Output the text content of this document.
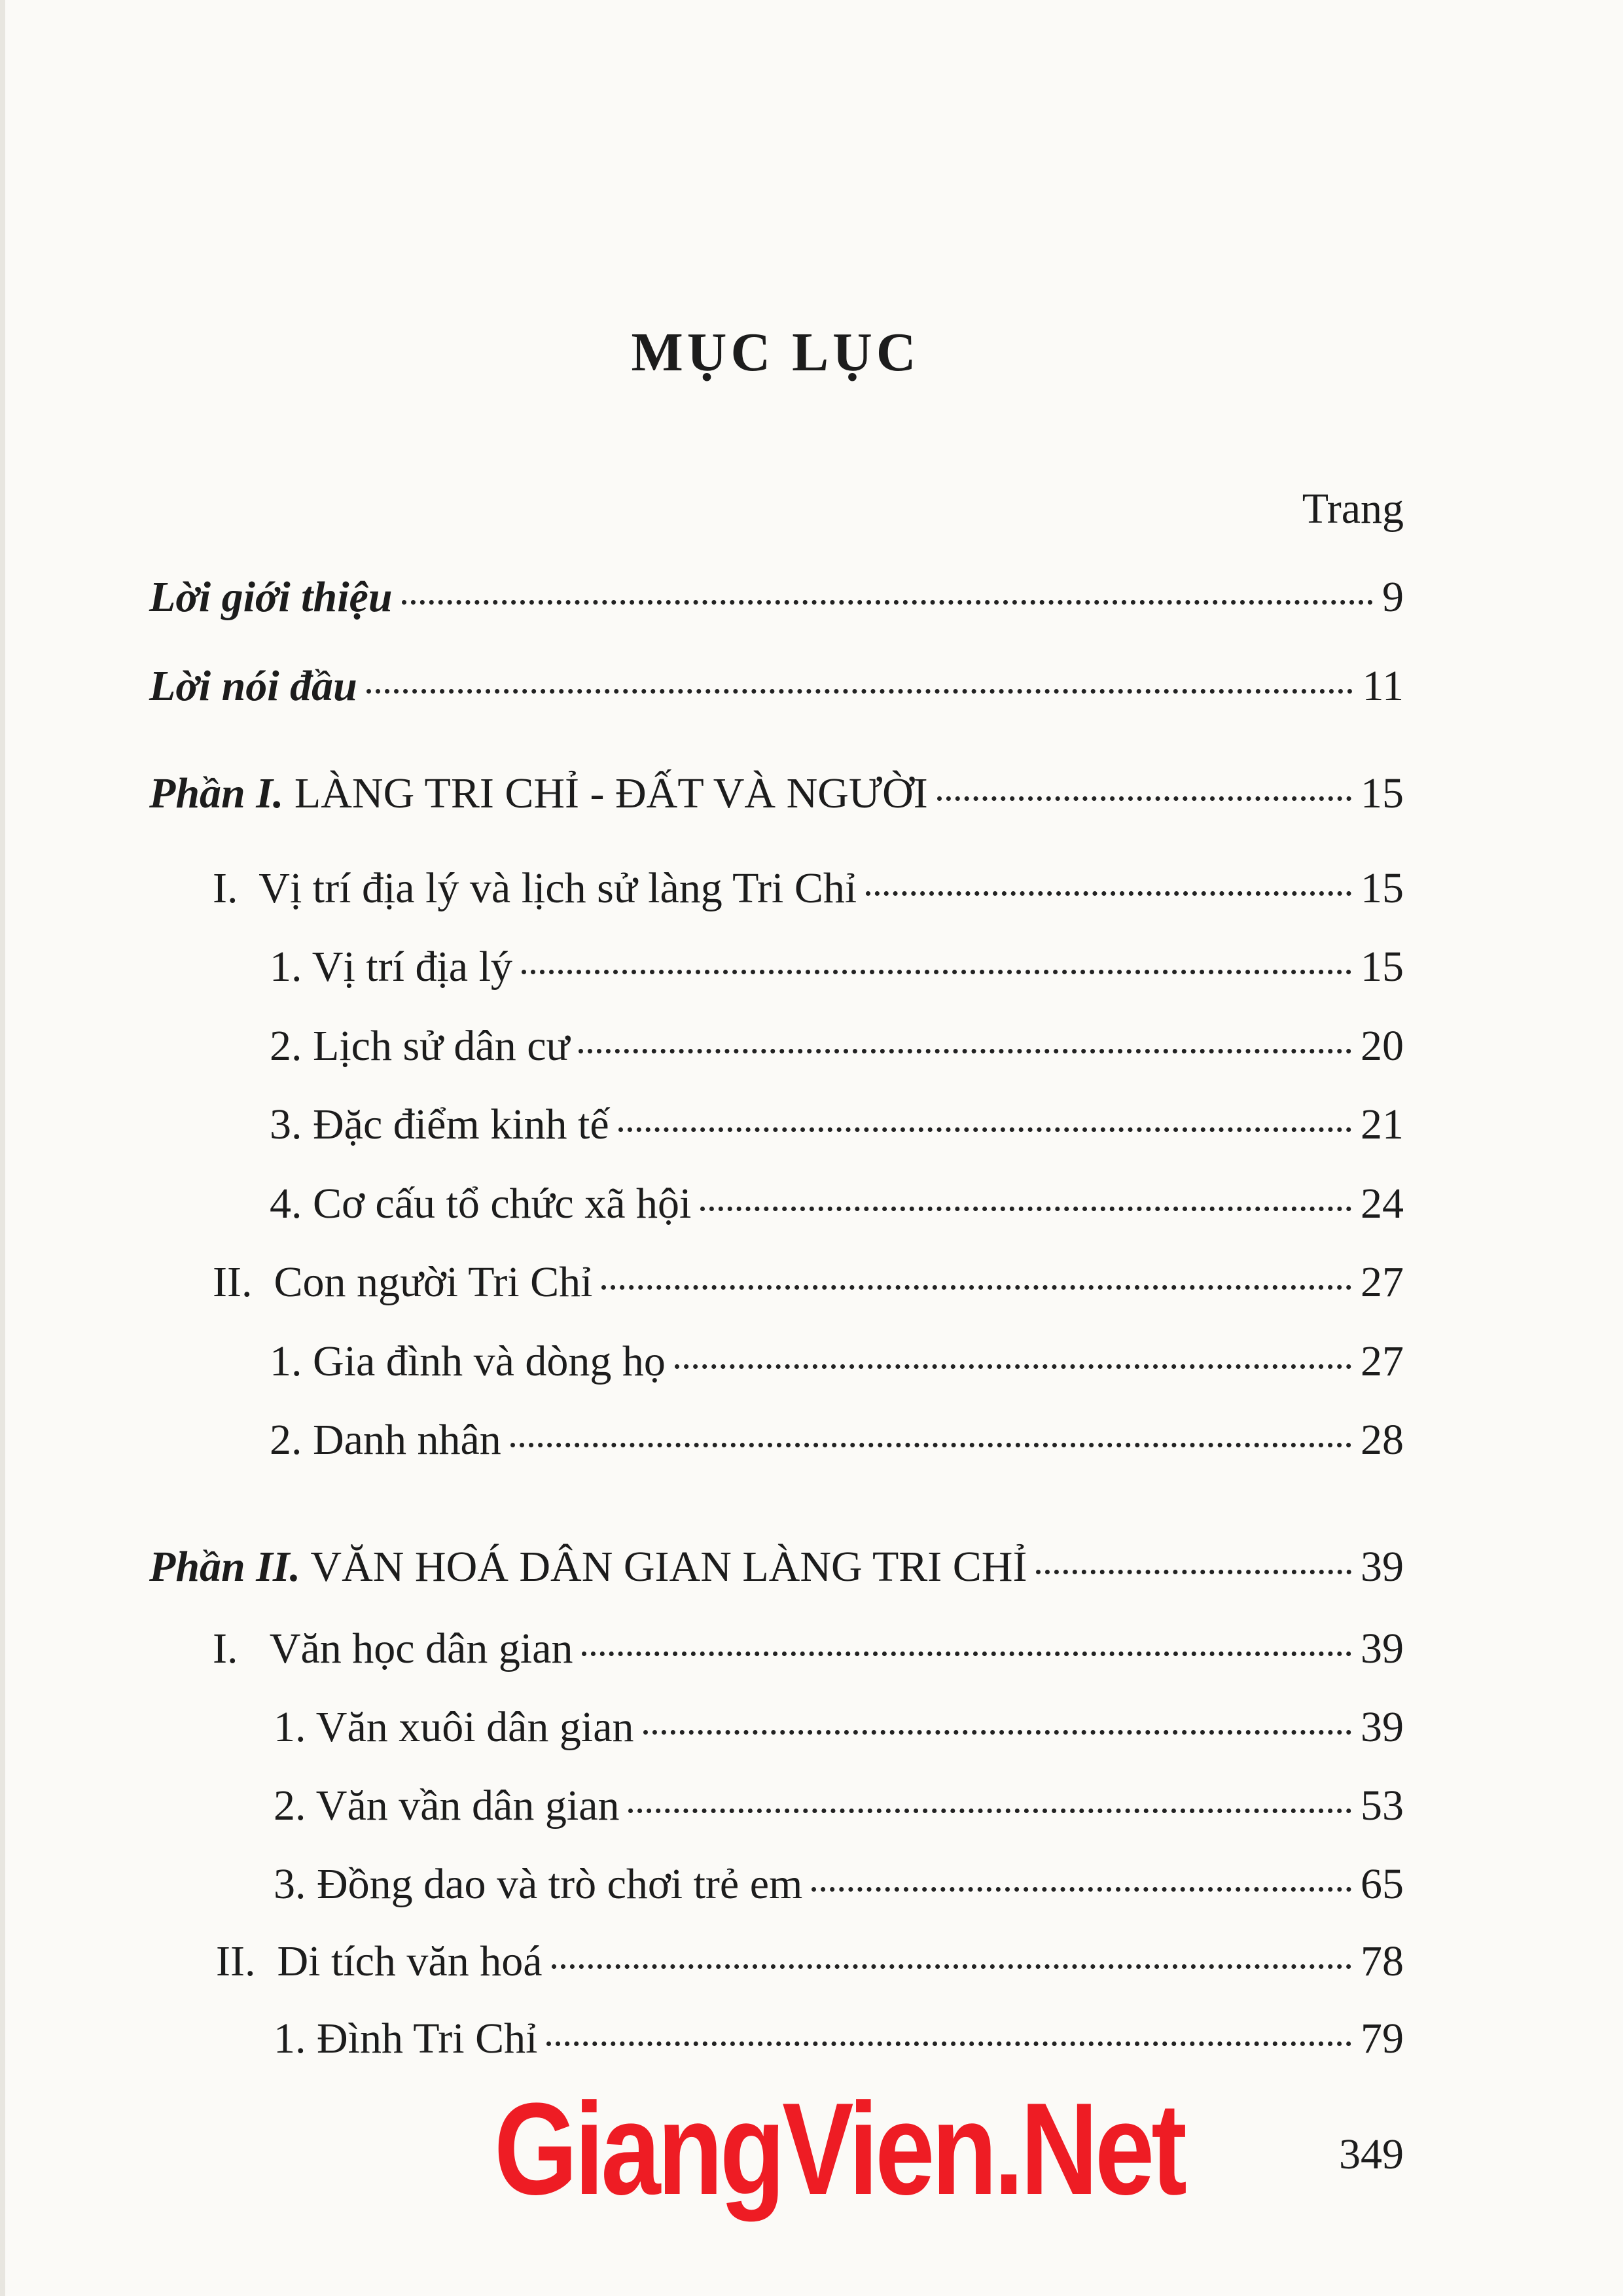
MỤC LỤC
Trang
Lời giới thiệu	9
Lời nói đầu	11
Phần I. LÀNG TRI CHỈ - ĐẤT VÀ NGƯỜI	15
I.  Vị trí địa lý và lịch sử làng Tri Chỉ	15
1. Vị trí địa lý	15
2. Lịch sử dân cư	20
3. Đặc điểm kinh tế	21
4. Cơ cấu tổ chức xã hội	24
II.  Con người Tri Chỉ	27
1. Gia đình và dòng họ	27
2. Danh nhân	28
Phần II. VĂN HOÁ DÂN GIAN LÀNG TRI CHỈ	39
I.   Văn học dân gian	39
1. Văn xuôi dân gian	39
2. Văn vần dân gian	53
3. Đồng dao và trò chơi trẻ em	65
II.  Di tích văn hoá	78
1. Đình Tri Chỉ	79
GiangVien.Net	349
